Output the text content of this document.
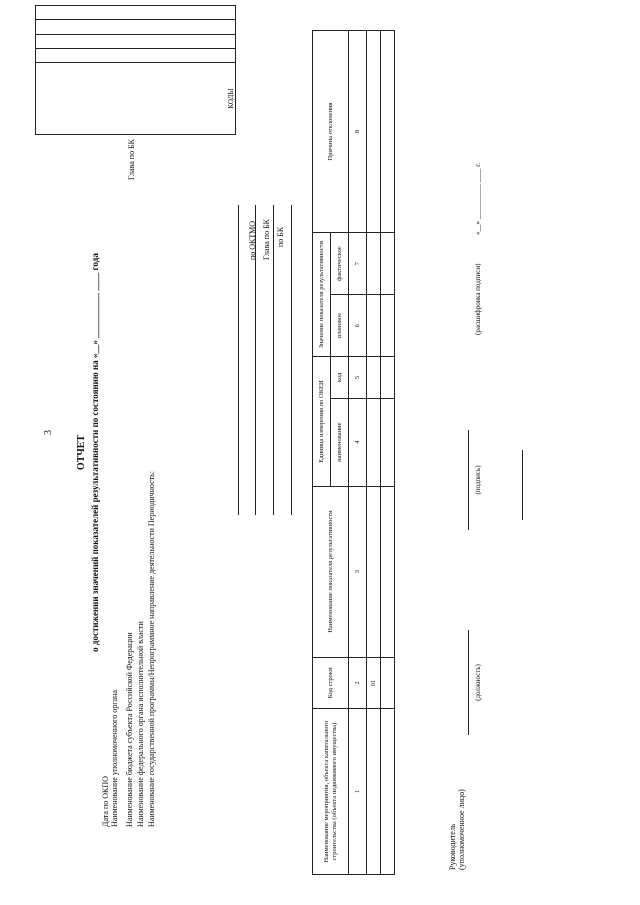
3
ОТЧЕТ о достижении значений показателей результативности по состоянию на «__» __________ ____ года
Дата по ОКПО Наименование уполномоченного органа Наименование бюджета субъекта Российской Федерации Наименование федерального органа исполнительной власти Наименование государственной программы/Непрограммное направление деятельности Периодичность:
КОДЫ				
Глава по БК
по ОКТМО Глава по БК по БК
Наименование мероприятия, объекта капитального строительства (объекта недвижимого имущества)	Код строки	Наименование показателя результативности	Единица измерения по ОКЕИ		Значение показателя результативности		Причина отклонения
			наименование	код	плановое	фактическое	
1	2	3	4	5	6	7	8
	01						

Руководитель (уполномоченное лицо)
(должность)
(подпись)
(расшифровка подписи)
«__» __________ ____ г.
